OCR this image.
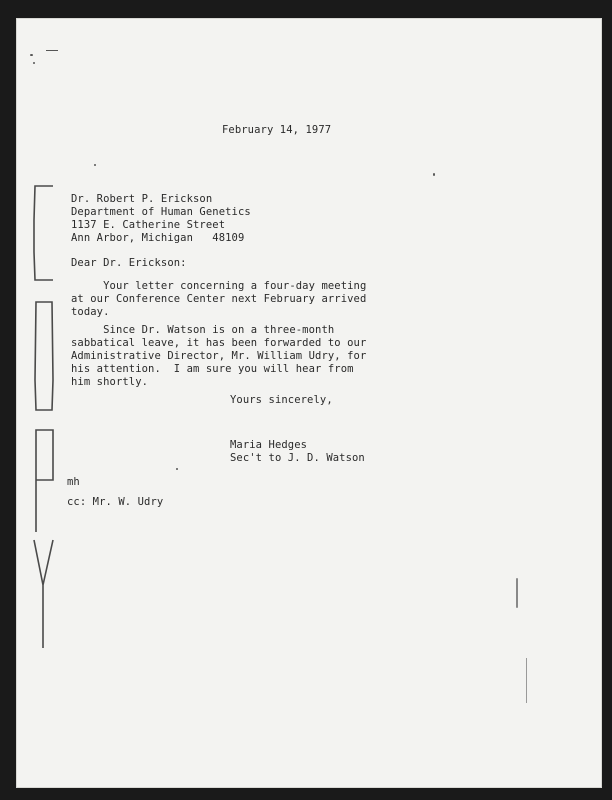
February 14, 1977

Dr. Robert P. Erickson

Department of Human Genetics

1137 E. Catherine Street

Ann Arbor, Michigan   48109

Dear Dr. Erickson:

Your letter concerning a four-day meeting

at our Conference Center next February arrived

today.

Since Dr. Watson is on a three-month

sabbatical leave, it has been forwarded to our

Administrative Director, Mr. William Udry, for

his attention.  I am sure you will hear from

him shortly.

Yours sincerely,

Maria Hedges

Sec't to J. D. Watson

mh

cc: Mr. W. Udry
